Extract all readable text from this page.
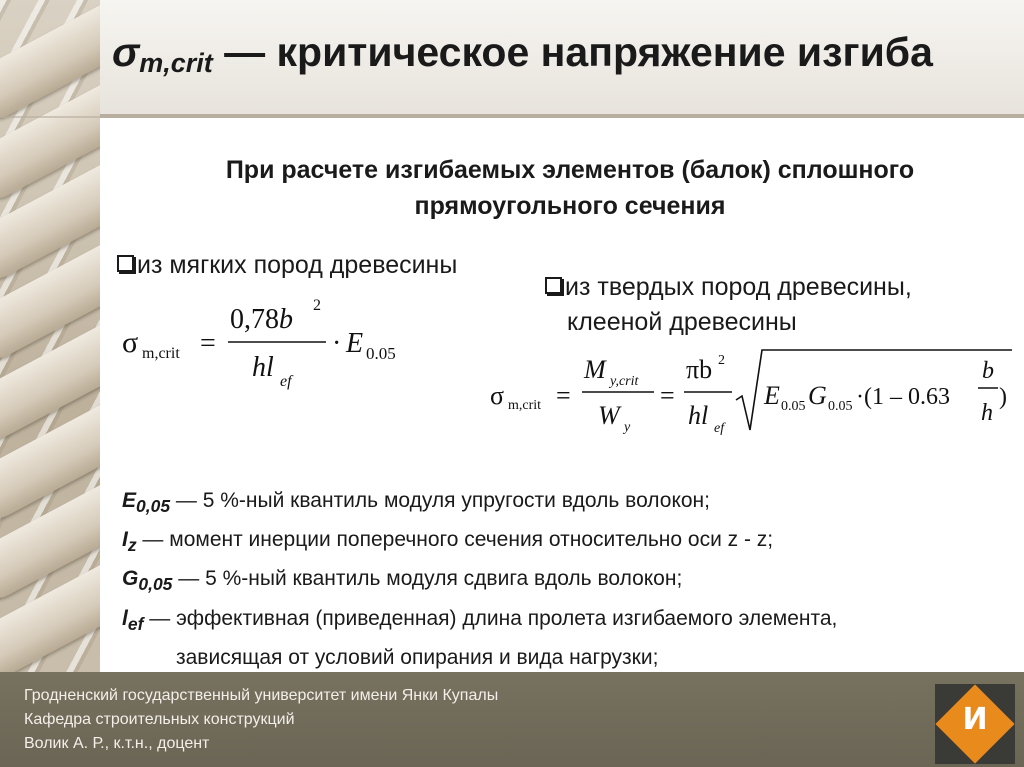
$\sigma_{m,crit}$ — критическое напряжение изгиба
При расчете изгибаемых элементов (балок) сплошного прямоугольного сечения
из мягких пород древесины
из твердых пород древесины,
клееной древесины
σ m,crit =
0,78b 2
hl ef
· E 0.05
σ m,crit =
M y,crit
W y
=
πb 2
hl ef
E 0.05 G 0.05 ·(1 – 0.63
b
h
)
$E_{0,05}$ — 5 %-ный квантиль модуля упругости вдоль волокон;
$I_z$ — момент инерции поперечного сечения относительно оси z - z;
$G_{0,05}$ — 5 %-ный квантиль модуля сдвига вдоль волокон;
$l_{ef}$ — эффективная (приведенная) длина пролета изгибаемого элемента,
зависящая от условий опирания и вида нагрузки;
Гродненский государственный университет имени Янки Купалы
Кафедра строительных конструкций
Волик А. Р., к.т.н., доцент
И
